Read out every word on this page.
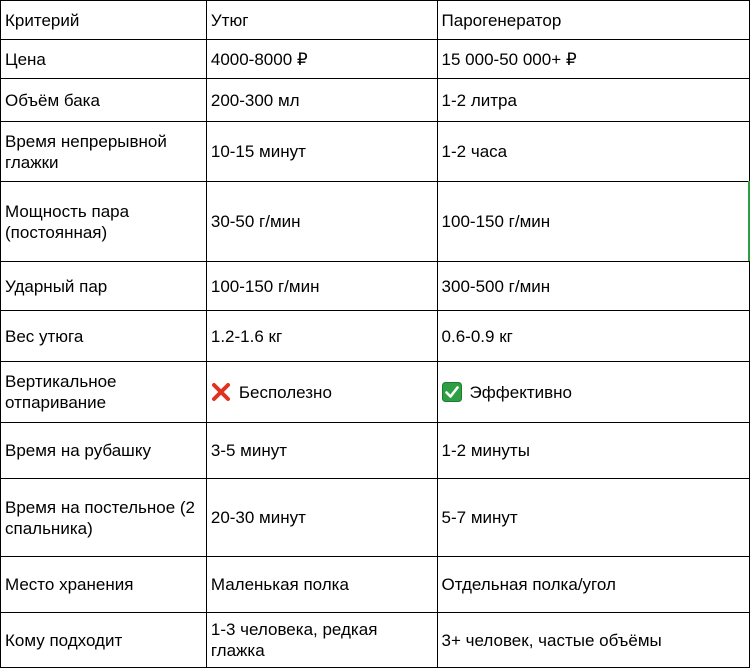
Критерий	Утюг	Парогенератор
Цена	4000-8000 ₽	15 000-50 000+ ₽
Объём бака	200-300 мл	1-2 литра
Время непрерывной глажки	10-15 минут	1-2 часа
Мощность пара (постоянная)	30-50 г/мин	100-150 г/мин
Ударный пар	100-150 г/мин	300-500 г/мин
Вес утюга	1.2-1.6 кг	0.6-0.9 кг
Вертикальное отпаривание	Бесполезно	Эффективно
Время на рубашку	3-5 минут	1-2 минуты
Время на постельное (2 спальника)	20-30 минут	5-7 минут
Место хранения	Маленькая полка	Отдельная полка/угол
Кому подходит	1-3 человека, редкая глажка	3+ человек, частые объёмы
